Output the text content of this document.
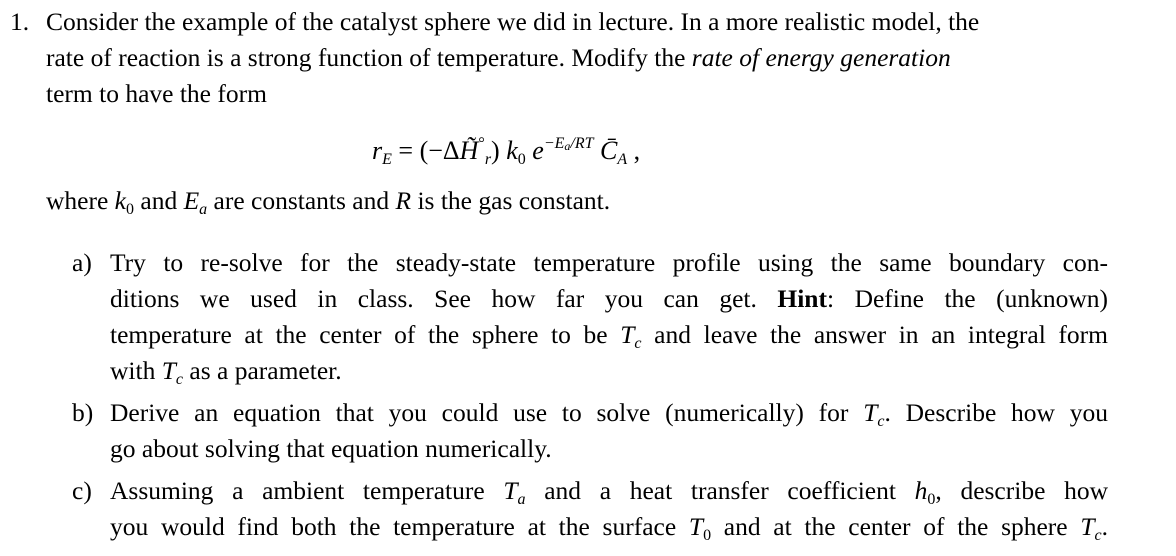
1. Consider the example of the catalyst sphere we did in lecture. In a more realistic model, the
rate of reaction is a strong function of temperature. Modify the rate of energy generation
term to have the form
$r_E$ = $(-\Delta H̃^\circ_r)$ $k_0$ $e^{-Ea/RT}$ $C̄_A$ ,
where $k_0$ and $E_a$ are constants and R is the gas constant.
a) Try to re-solve for the steady-state temperature profile using the same boundary con-
ditions we used in class. See how far you can get. Hint: Define the (unknown)
temperature at the center of the sphere to be $T_c$ and leave the answer in an integral form
with $T_c$ as a parameter.
b) Derive an equation that you could use to solve (numerically) for $T_c$. Describe how you
go about solving that equation numerically.
c) Assuming a ambient temperature $T_a$ and a heat transfer coefficient $h_0$, describe how
you would find both the temperature at the surface $T_0$ and at the center of the sphere $T_c$.
